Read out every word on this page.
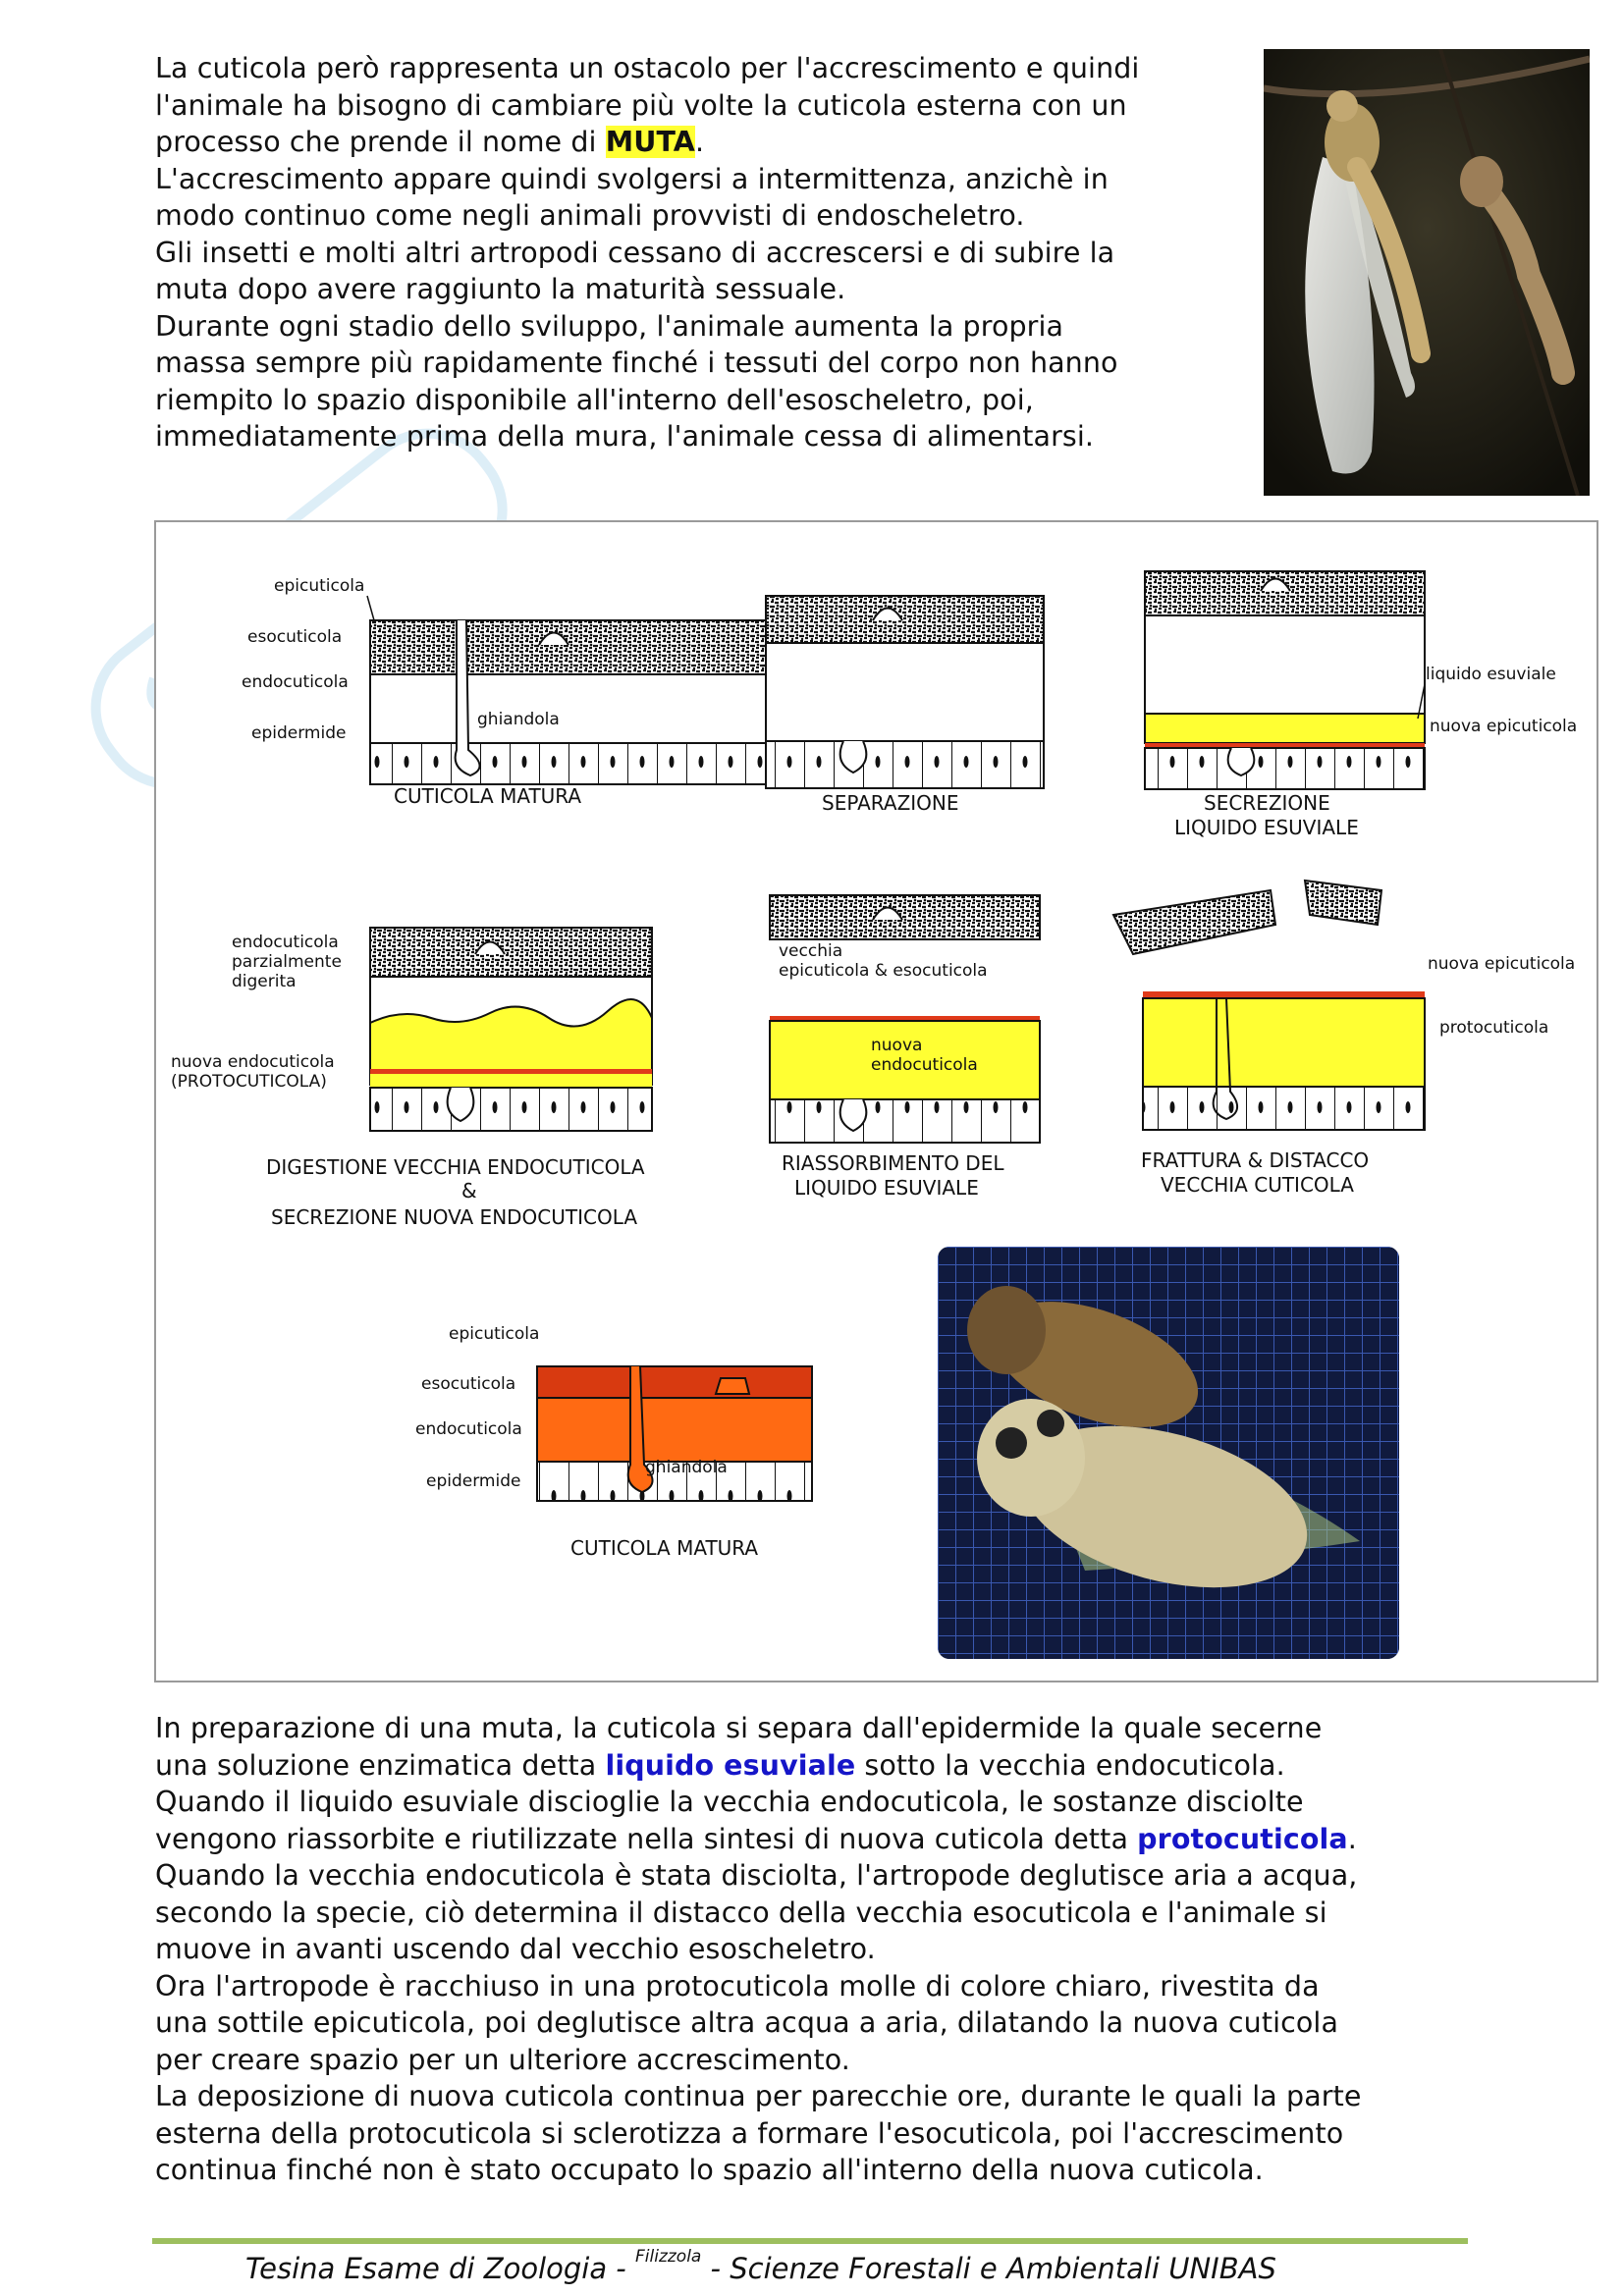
La cuticola però rappresenta un ostacolo per l'accrescimento e quindi
l'animale ha bisogno di cambiare più volte la cuticola esterna con un
processo che prende il nome di MUTA.
L'accrescimento appare quindi svolgersi a intermittenza, anzichè in
modo continuo come negli animali provvisti di endoscheletro.
Gli insetti e molti altri artropodi cessano di accrescersi e di subire la
muta dopo avere raggiunto la maturità sessuale.
Durante ogni stadio dello sviluppo, l'animale aumenta la propria
massa sempre più rapidamente finché i tessuti del corpo non hanno
riempito lo spazio disponibile all'interno dell'esoscheletro, poi,
immediatamente prima della mura, l'animale cessa di alimentarsi.
epicuticola
esocuticola
endocuticola
epidermide
ghiandola
CUTICOLA MATURA	SEPARAZIONE
liquido esuviale
nuova epicuticola
SECREZIONE
LIQUIDO ESUVIALE
endocuticola
parzialmente
digerita
nuova endocuticola
(PROTOCUTICOLA)
DIGESTIONE VECCHIA ENDOCUTICOLA
&
SECREZIONE NUOVA ENDOCUTICOLA
vecchia
epicuticola & esocuticola
nuova
endocuticola
RIASSORBIMENTO DEL
LIQUIDO ESUVIALE
nuova epicuticola
protocuticola
FRATTURA & DISTACCO
VECCHIA CUTICOLA
epicuticola
esocuticola
endocuticola
epidermide
ghiandola
CUTICOLA MATURA
In preparazione di una muta, la cuticola si separa dall'epidermide la quale secerne
una soluzione enzimatica detta liquido esuviale sotto la vecchia endocuticola.
Quando il liquido esuviale discioglie la vecchia endocuticola, le sostanze disciolte
vengono riassorbite e riutilizzate nella sintesi di nuova cuticola detta protocuticola.
Quando la vecchia endocuticola è stata disciolta, l'artropode deglutisce aria a acqua,
secondo la specie, ciò determina il distacco della vecchia esocuticola e l'animale si
muove in avanti uscendo dal vecchio esoscheletro.
Ora l'artropode è racchiuso in una protocuticola molle di colore chiaro, rivestita da
una sottile epicuticola, poi deglutisce altra acqua a aria, dilatando la nuova cuticola
per creare spazio per un ulteriore accrescimento.
La deposizione di nuova cuticola continua per parecchie ore, durante le quali la parte
esterna della protocuticola si sclerotizza a formare l'esocuticola, poi l'accrescimento
continua finché non è stato occupato lo spazio all'interno della nuova cuticola.
Tesina Esame di Zoologia - $^{Filizzola}$ - Scienze Forestali e Ambientali UNIBAS
